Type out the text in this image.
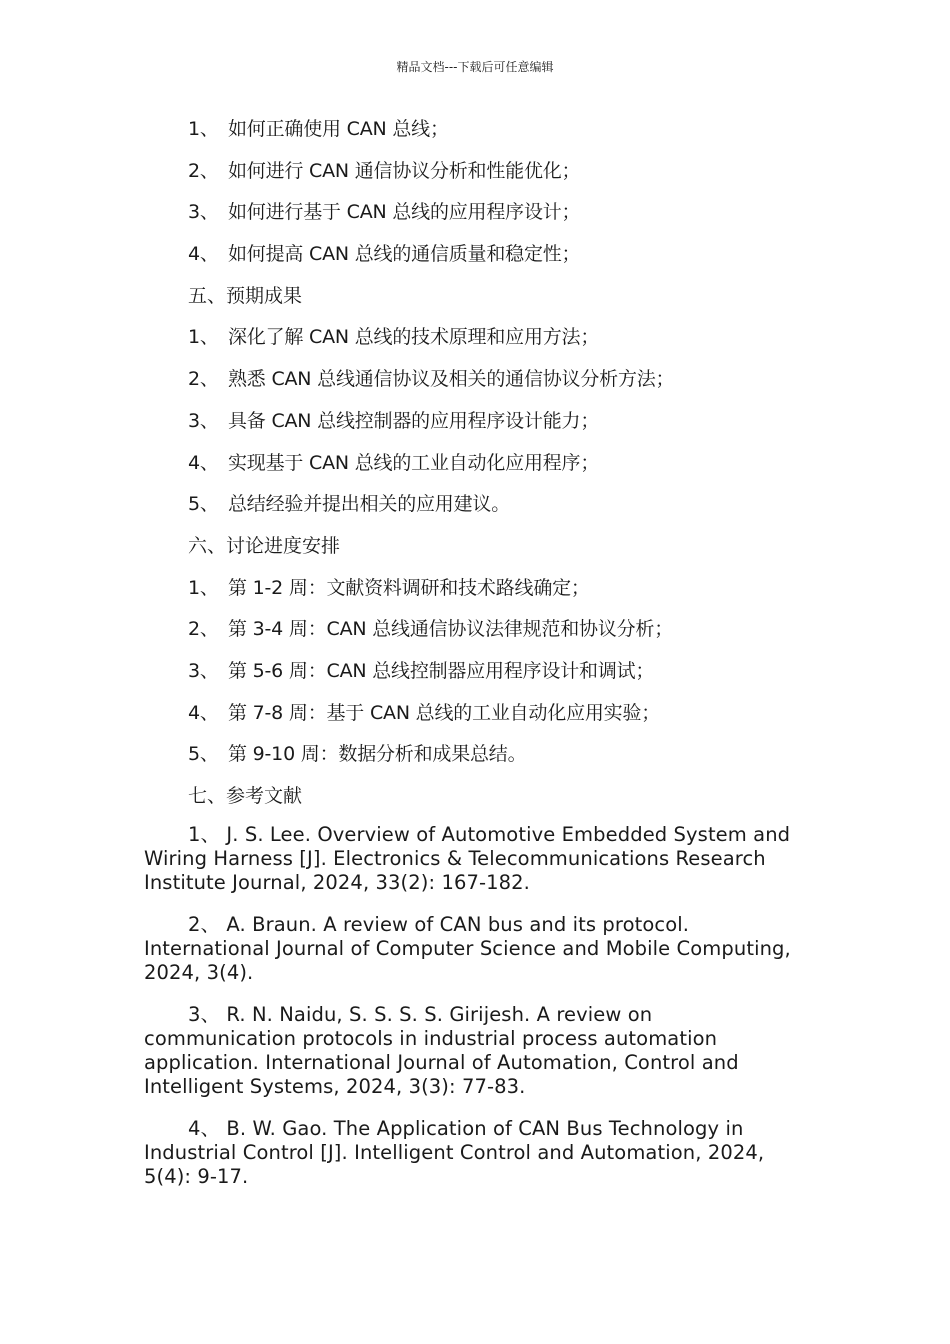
精品文档---下载后可任意编辑
1、 如何正确使用 CAN 总线；
2、 如何进行 CAN 通信协议分析和性能优化；
3、 如何进行基于 CAN 总线的应用程序设计；
4、 如何提高 CAN 总线的通信质量和稳定性；
五、预期成果
1、 深化了解 CAN 总线的技术原理和应用方法；
2、 熟悉 CAN 总线通信协议及相关的通信协议分析方法；
3、 具备 CAN 总线控制器的应用程序设计能力；
4、 实现基于 CAN 总线的工业自动化应用程序；
5、 总结经验并提出相关的应用建议。
六、讨论进度安排
1、 第 1-2 周：文献资料调研和技术路线确定；
2、 第 3-4 周：CAN 总线通信协议法律规范和协议分析；
3、 第 5-6 周：CAN 总线控制器应用程序设计和调试；
4、 第 7-8 周：基于 CAN 总线的工业自动化应用实验；
5、 第 9-10 周：数据分析和成果总结。
七、参考文献

1、 J. S. Lee. Overview of Automotive Embedded System and Wiring Harness [J]. Electronics & Telecommunications Research Institute Journal, 2024, 33(2): 167-182.

2、 A. Braun. A review of CAN bus and its protocol. International Journal of Computer Science and Mobile Computing, 2024, 3(4).

3、 R. N. Naidu, S. S. S. S. Girijesh. A review on communication protocols in industrial process automation application. International Journal of Automation, Control and Intelligent Systems, 2024, 3(3): 77-83.

4、 B. W. Gao. The Application of CAN Bus Technology in Industrial Control [J]. Intelligent Control and Automation, 2024, 5(4): 9-17.
